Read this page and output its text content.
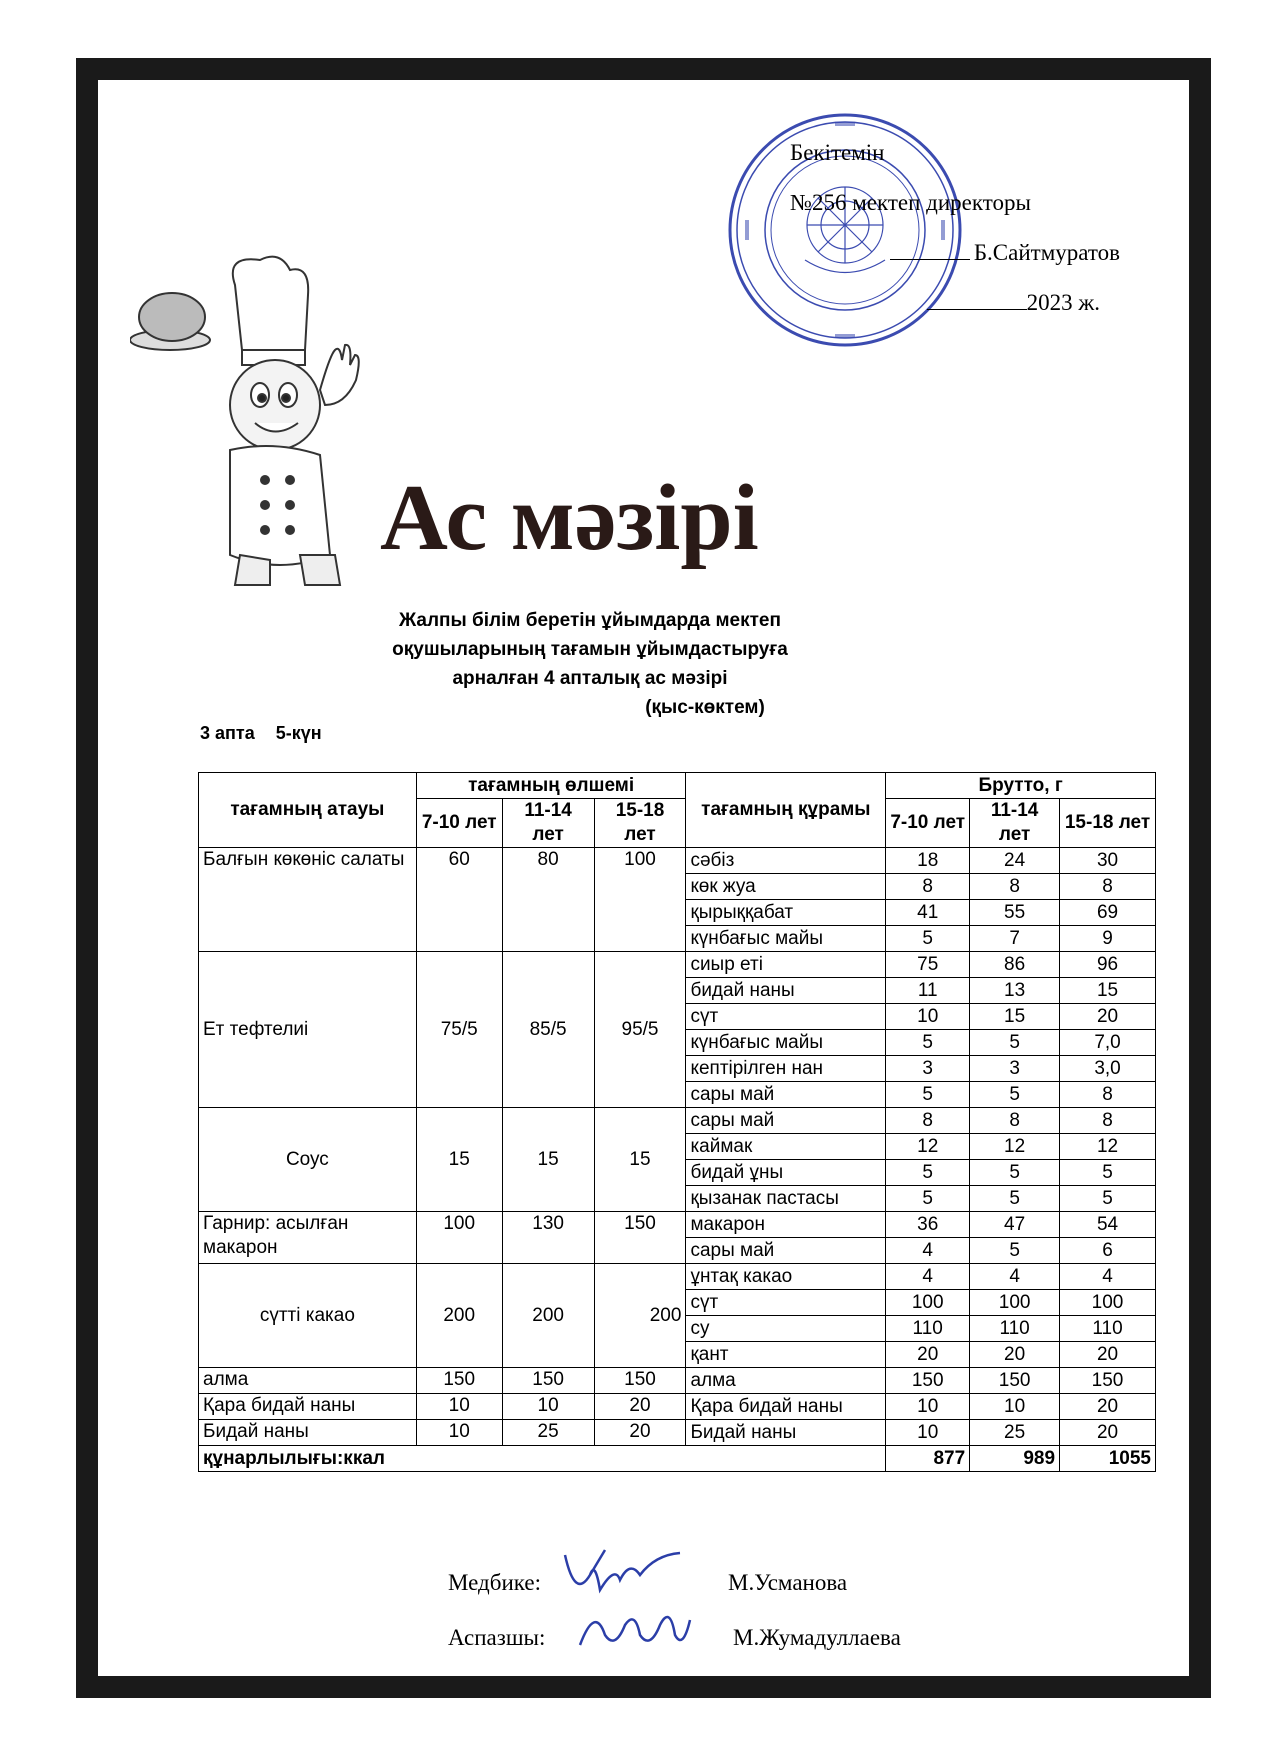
Бекітемін
№256 мектеп директоры
Б.Сайтмуратов
2023 ж.
Ас мәзірі
Жалпы білім беретін ұйымдарда мектеп
оқушыларының тағамын ұйымдастыруға
арналған 4 апталық ас мәзірі
(қыс-көктем)
3 апта 5-күн
тағамның атауы	тағамның өлшемі			тағамның құрамы	Брутто, г		
	7-10 лет	11-14 лет	15-18 лет		7-10 лет	11-14 лет	15-18 лет
Балғын көкөніс салаты	60	80	100	сәбіз	18	24	30
				көк жуа	8	8	8
				қырыққабат	41	55	69
				күнбағыс майы	5	7	9
Ет тефтелиі	75/5	85/5	95/5	сиыр еті	75	86	96
				бидай наны	11	13	15
				сүт	10	15	20
				күнбағыс майы	5	5	7,0
				кептірілген нан	3	3	3,0
				сары май	5	5	8
Соус	15	15	15	сары май	8	8	8
				каймак	12	12	12
				бидай ұны	5	5	5
				қызанак пастасы	5	5	5
Гарнир: асылған макарон	100	130	150	макарон	36	47	54
				сары май	4	5	6
сүтті какао	200	200	200	ұнтақ какао	4	4	4
				сүт	100	100	100
				су	110	110	110
				қант	20	20	20
алма	150	150	150	алма	150	150	150
Қара бидай наны	10	10	20	Қара бидай наны	10	10	20
Бидай наны	10	25	20	Бидай наны	10	25	20
құнарлылығы:ккал					877	989	1055
Медбике:	М.Усманова
Аспазшы:	М.Жумадуллаева
